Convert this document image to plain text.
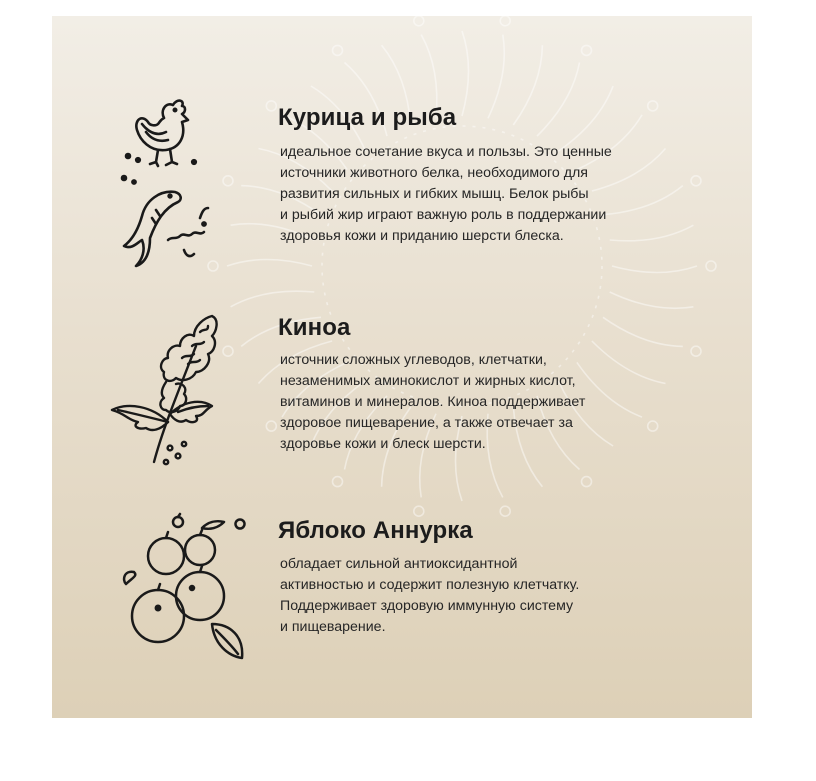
Курица и рыба

идеальное сочетание вкуса и пользы. Это ценные
источники животного белка, необходимого для
развития сильных и гибких мышц. Белок рыбы
и рыбий жир играют важную роль в поддержании
здоровья кожи и приданию шерсти блеска.

Киноа

источник сложных углеводов, клетчатки,
незаменимых аминокислот и жирных кислот,
витаминов и минералов. Киноа поддерживает
здоровое пищеварение, а также отвечает за
здоровье кожи и блеск шерсти.

Яблоко Аннурка

обладает сильной антиоксидантной
активностью и содержит полезную клетчатку.
Поддерживает здоровую иммунную систему
и пищеварение.
